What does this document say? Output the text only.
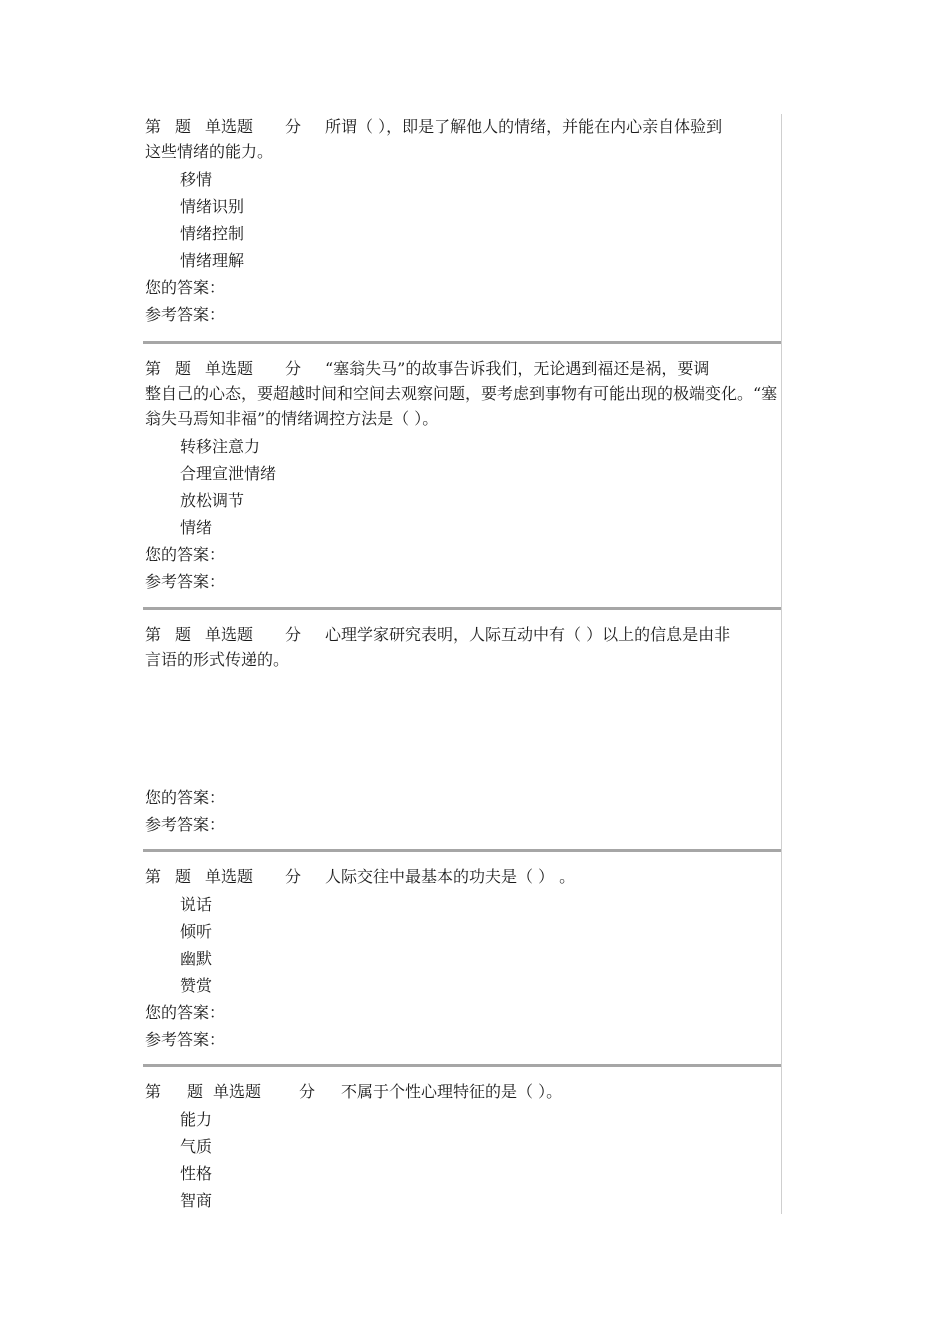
第 题 单选题	分	所谓（ ），即是了解他人的情绪，并能在内心亲自体验到
这些情绪的能力。
移情
情绪识别
情绪控制
情绪理解
您的答案：
参考答案：
第 题 单选题	分	“塞翁失马”的故事告诉我们，无论遇到福还是祸，要调
整自己的心态，要超越时间和空间去观察问题，要考虑到事物有可能出现的极端变化。“塞翁失马焉知非福”的情绪调控方法是（ ）。
转移注意力
合理宣泄情绪
放松调节
情绪
您的答案：
参考答案：
第 题 单选题	分	心理学家研究表明，人际互动中有（ ）以上的信息是由非
言语的形式传递的。
您的答案：
参考答案：
第 题 单选题	分	人际交往中最基本的功夫是（ ） 。
说话
倾听
幽默
赞赏
您的答案：
参考答案：
第	题 单选题	分	不属于个性心理特征的是（ ）。
能力
气质
性格
智商
